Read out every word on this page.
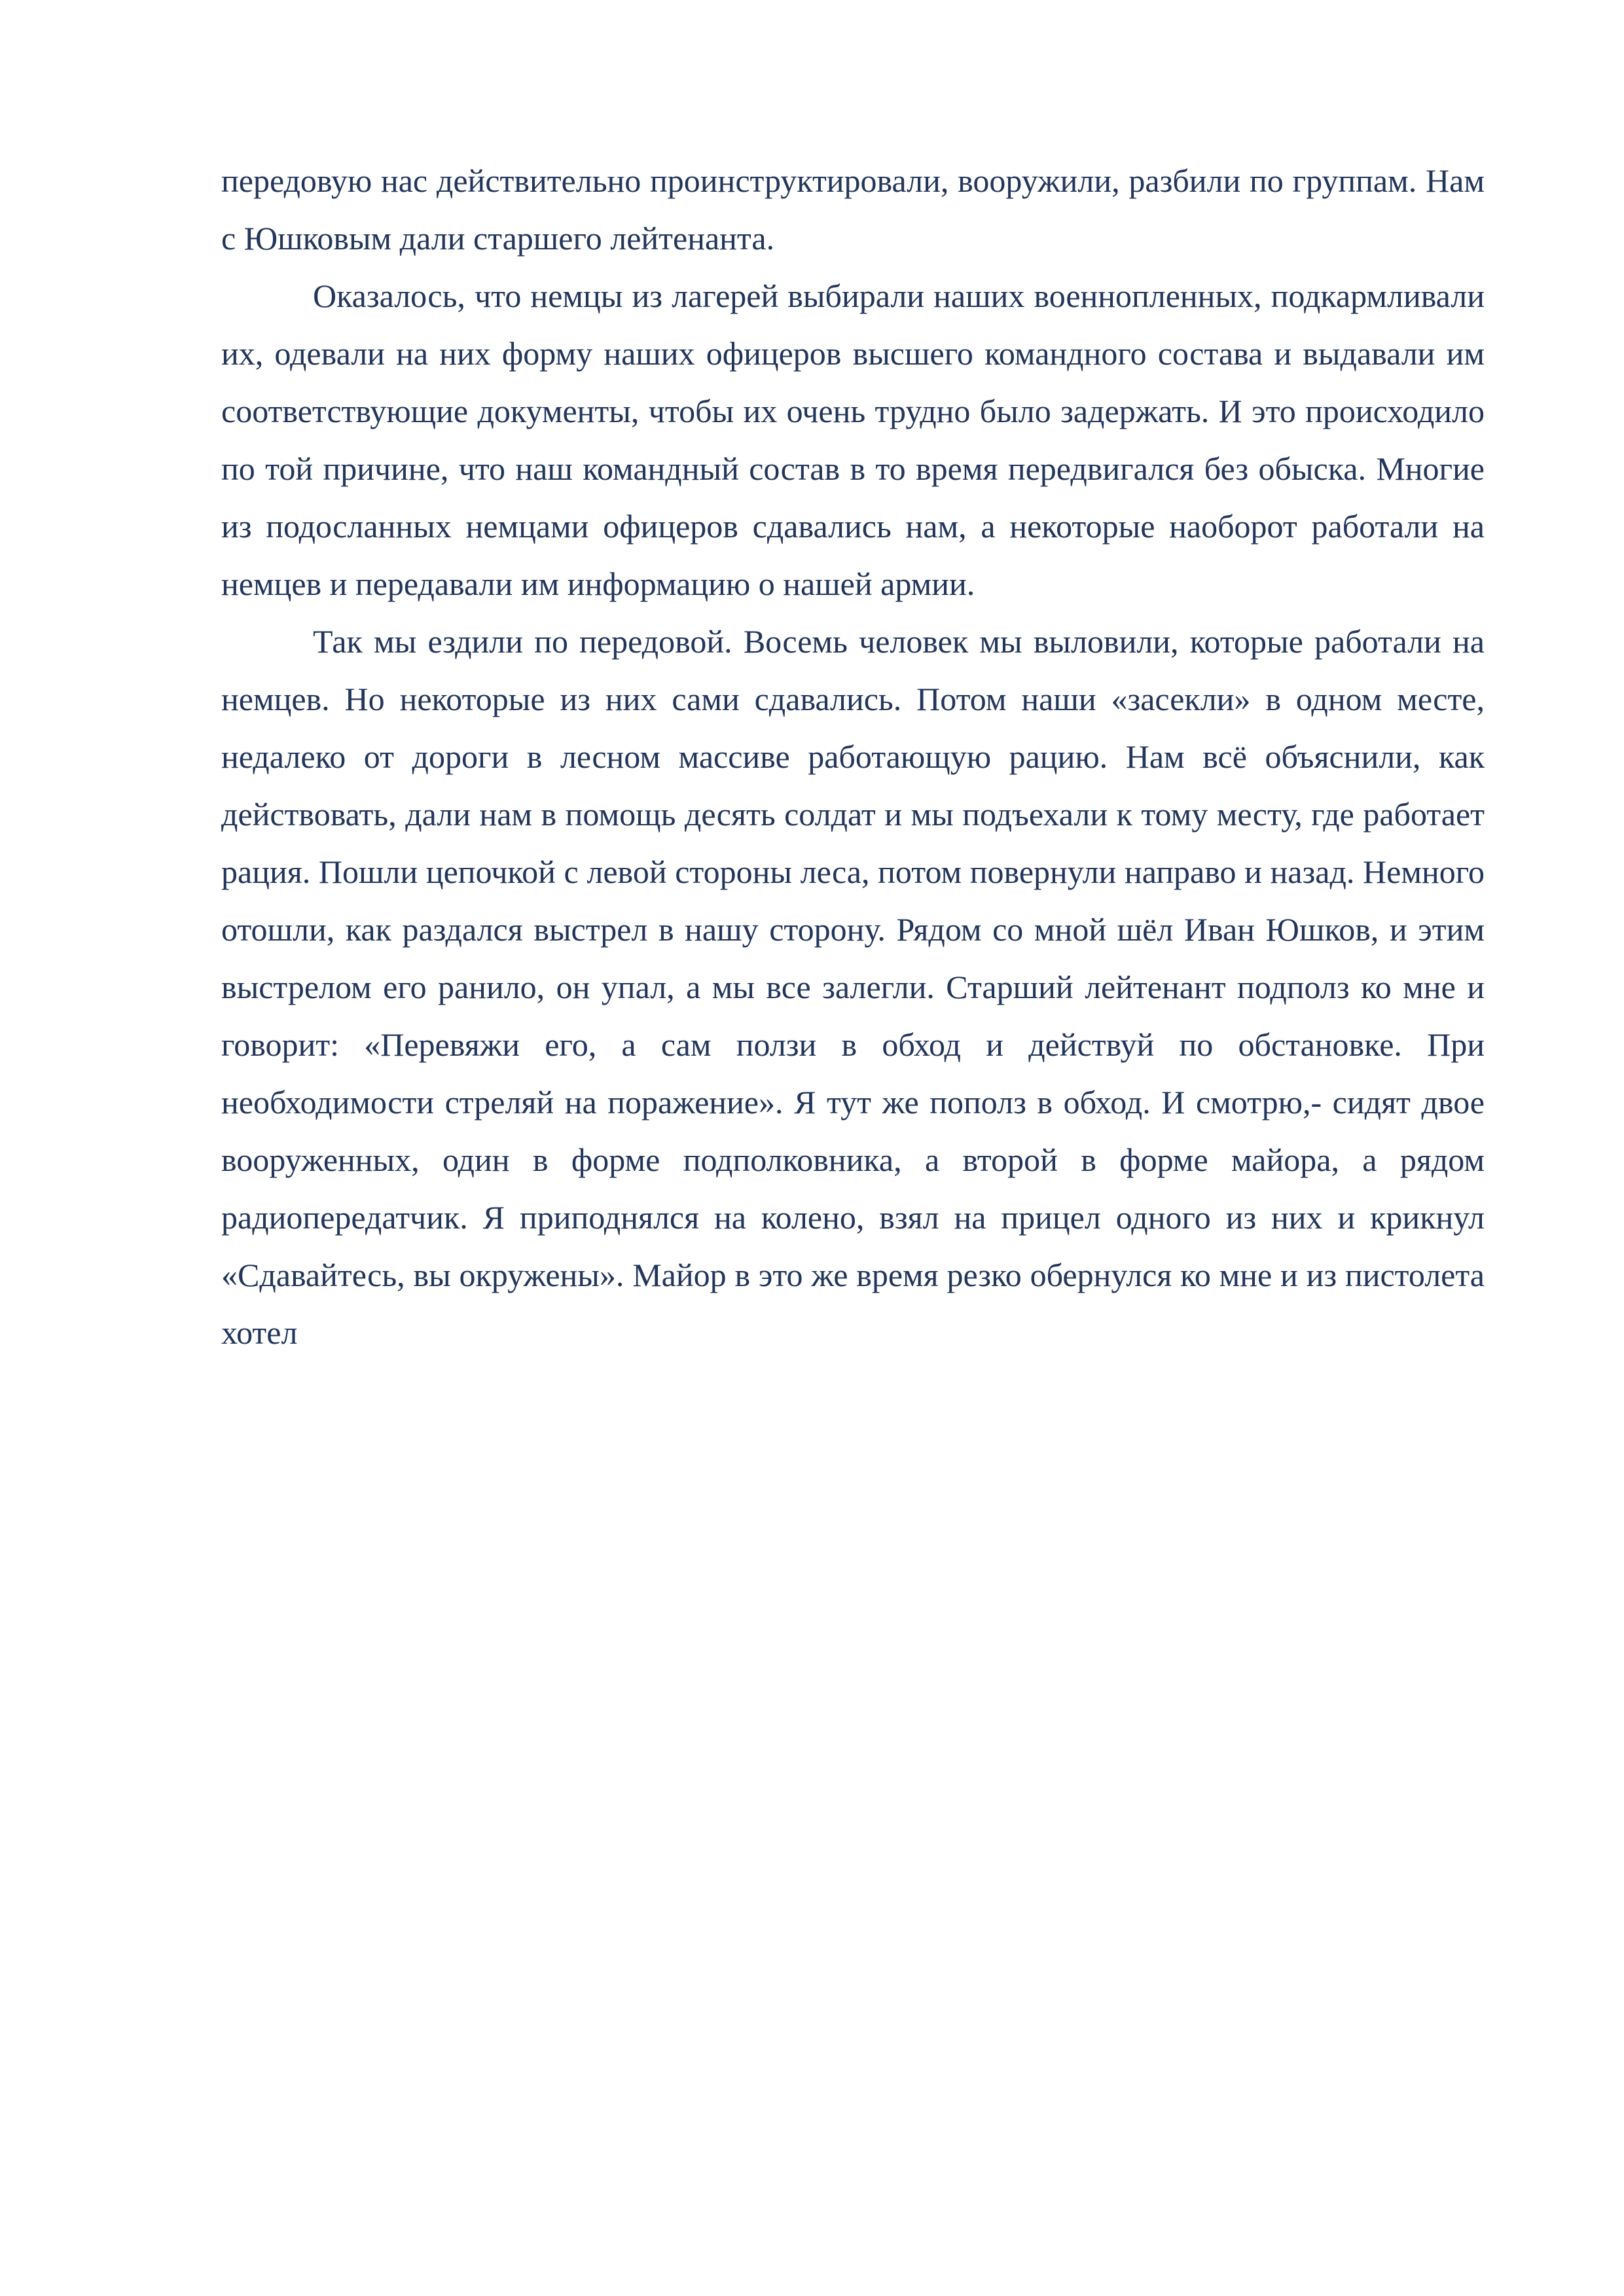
передовую нас действительно проинструктировали, вооружили, разбили по группам. Нам с Юшковым дали старшего лейтенанта.

Оказалось, что немцы из лагерей выбирали наших военнопленных, подкармливали их, одевали на них форму наших офицеров высшего командного состава и выдавали им соответствующие документы, чтобы их очень трудно было задержать. И это происходило по той причине, что наш командный состав в то время передвигался без обыска. Многие из подосланных немцами офицеров сдавались нам, а некоторые наоборот работали на немцев и передавали им информацию о нашей армии.

Так мы ездили по передовой. Восемь человек мы выловили, которые работали на немцев. Но некоторые из них сами сдавались. Потом наши «засекли» в одном месте, недалеко от дороги в лесном массиве работающую рацию. Нам всё объяснили, как действовать, дали нам в помощь десять солдат и мы подъехали к тому месту, где работает рация. Пошли цепочкой с левой стороны леса, потом повернули направо и назад. Немного отошли, как раздался выстрел в нашу сторону. Рядом со мной шёл Иван Юшков, и этим выстрелом его ранило, он упал, а мы все залегли. Старший лейтенант подполз ко мне и говорит: «Перевяжи его, а сам ползи в обход и действуй по обстановке. При необходимости стреляй на поражение». Я тут же пополз в обход. И смотрю,- сидят двое вооруженных, один в форме подполковника, а второй в форме майора, а рядом радиопередатчик. Я приподнялся на колено, взял на прицел одного из них и крикнул «Сдавайтесь, вы окружены». Майор в это же время резко обернулся ко мне и из пистолета хотел
